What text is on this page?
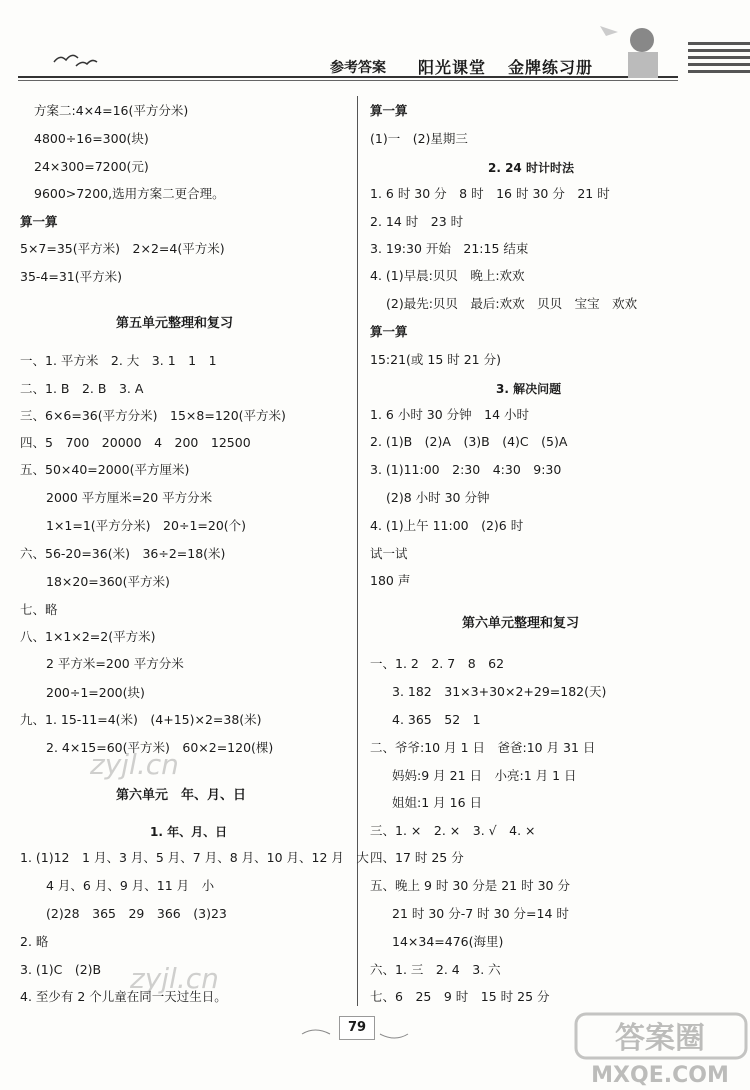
参考答案 阳光课堂 金牌练习册
方案二:4×4=16(平方分米)
4800÷16=300(块)
24×300=7200(元)
9600>7200,选用方案二更合理。
算一算
5×7=35(平方米)　2×2=4(平方米)
35-4=31(平方米)
第五单元整理和复习
一、1. 平方米　2. 大　3. 1　1　1
二、1. B　2. B　3. A
三、6×6=36(平方分米)　15×8=120(平方米)
四、5　700　20000　4　200　12500
五、50×40=2000(平方厘米)
2000 平方厘米=20 平方分米
1×1=1(平方分米)　20÷1=20(个)
六、56-20=36(米)　36÷2=18(米)
18×20=360(平方米)
七、略
八、1×1×2=2(平方米)
2 平方米=200 平方分米
200÷1=200(块)
九、1. 15-11=4(米)　(4+15)×2=38(米)
2. 4×15=60(平方米)　60×2=120(棵)
第六单元　年、月、日
1. 年、月、日
1. (1)12　1 月、3 月、5 月、7 月、8 月、10 月、12 月　大
4 月、6 月、9 月、11 月　小
(2)28　365　29　366　(3)23
2. 略
3. (1)C　(2)B
4. 至少有 2 个儿童在同一天过生日。
算一算
(1)一　(2)星期三
2. 24 时计时法
1. 6 时 30 分　8 时　16 时 30 分　21 时
2. 14 时　23 时
3. 19:30 开始　21:15 结束
4. (1)早晨:贝贝　晚上:欢欢
(2)最先:贝贝　最后:欢欢　贝贝　宝宝　欢欢
算一算
15:21(或 15 时 21 分)
3. 解决问题
1. 6 小时 30 分钟　14 小时
2. (1)B　(2)A　(3)B　(4)C　(5)A
3. (1)11:00　2:30　4:30　9:30
(2)8 小时 30 分钟
4. (1)上午 11:00　(2)6 时
试一试
180 声
第六单元整理和复习
一、1. 2　2. 7　8　62
3. 182　31×3+30×2+29=182(天)
4. 365　52　1
二、爷爷:10 月 1 日　爸爸:10 月 31 日
妈妈:9 月 21 日　小亮:1 月 1 日
姐姐:1 月 16 日
三、1. ×　2. ×　3. √　4. ×
四、17 时 25 分
五、晚上 9 时 30 分是 21 时 30 分
21 时 30 分-7 时 30 分=14 时
14×34=476(海里)
六、1. 三　2. 4　3. 六
七、6　25　9 时　15 时 25 分
zyjl.cn
zyjl.cn
答案圈
MXQE.COM
79
